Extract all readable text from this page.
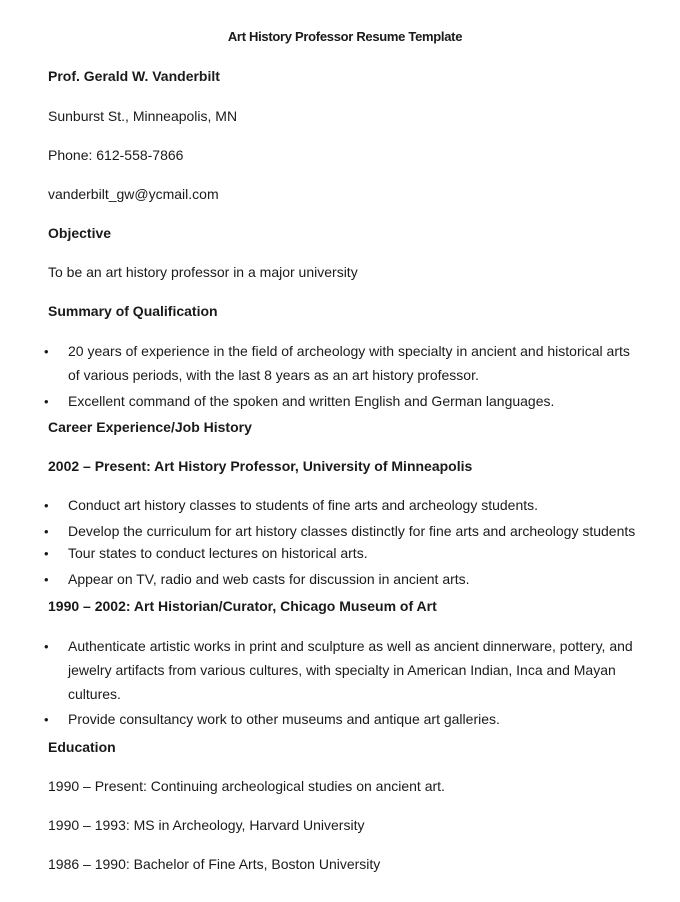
Art History Professor Resume Template
Prof. Gerald W. Vanderbilt
Sunburst St., Minneapolis, MN
Phone: 612-558-7866
vanderbilt_gw@ycmail.com
Objective
To be an art history professor in a major university
Summary of Qualification
• 20 years of experience in the field of archeology with specialty in ancient and historical arts
of various periods, with the last 8 years as an art history professor.
• Excellent command of the spoken and written English and German languages.
Career Experience/Job History
2002 – Present: Art History Professor, University of Minneapolis
• Conduct art history classes to students of fine arts and archeology students.
• Develop the curriculum for art history classes distinctly for fine arts and archeology students
• Tour states to conduct lectures on historical arts.
• Appear on TV, radio and web casts for discussion in ancient arts.
1990 – 2002: Art Historian/Curator, Chicago Museum of Art
• Authenticate artistic works in print and sculpture as well as ancient dinnerware, pottery, and
jewelry artifacts from various cultures, with specialty in American Indian, Inca and Mayan
cultures.
• Provide consultancy work to other museums and antique art galleries.
Education
1990 – Present: Continuing archeological studies on ancient art.
1990 – 1993: MS in Archeology, Harvard University
1986 – 1990: Bachelor of Fine Arts, Boston University
